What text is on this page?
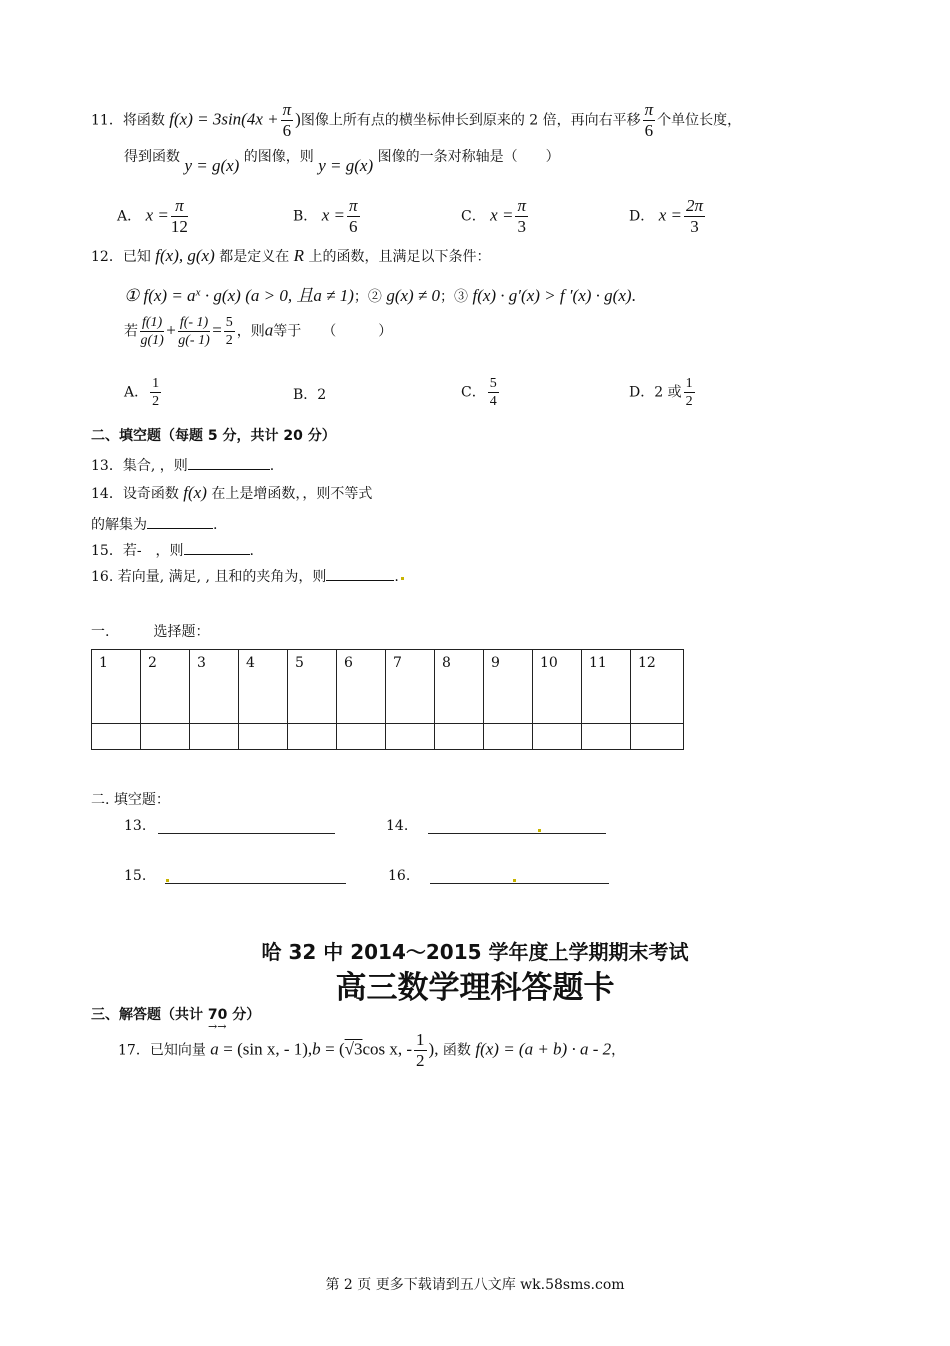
11．将函数 $f(x) = 3\sin(4x + \frac{\pi}{6}$ )图像上所有点的横坐标伸长到原来的 2 倍，再向右平移 $\frac{\pi}{6}$ 个单位长度，
得到函数 y = g(x) 的图像，则 y = g(x) 图像的一条对称轴是（　　）
A． $x = \frac{\pi}{12}$	B． $x = \frac{\pi}{6}$	C． $x = \frac{\pi}{3}$	D． $x = \frac{2\pi}{3}$
12．已知 f(x), g(x) 都是定义在 R 上的函数，且满足以下条件：
① $f(x) = a^x \cdot g(x) (a > 0$, 且a ≠ 1)；② g(x) ≠ 0；③ f(x) · g′(x) > f ′(x) · g(x).
若 $\frac{f(1)}{g(1)} + \frac{f(- 1)}{g(- 1)} = \frac{5}{2}$ ，则a等于　　（　　　）
A． $\frac{1}{2}$	B．2	C． $\frac{5}{4}$	D．2 或 $\frac{1}{2}$
二、填空题（每题 5 分，共计 20 分）
13．集合, ，则	.
14．设奇函数 f(x) 在上是增函数，，则不等式
的解集为	.
15．若-　，则	.
16. 若向量, 满足, , 且和的夹角为，则	.
一.	选择题：
1	2	3	4	5	6	7	8	9	10	11	12

二. 填空题：
13.	14.
15.	16.
哈 32 中 2014～2015 学年度上学期期末考试
高三数学理科答题卡
三、解答题（共计 70 分）
17．已知向量 a = (sin x, - 1),b = (√3cos x, - $\frac{1}{2}$ ), 函数 f(x) = (a + b) · a - 2，
→→
第 2 页 更多下载请到五八文库 wk.58sms.com
